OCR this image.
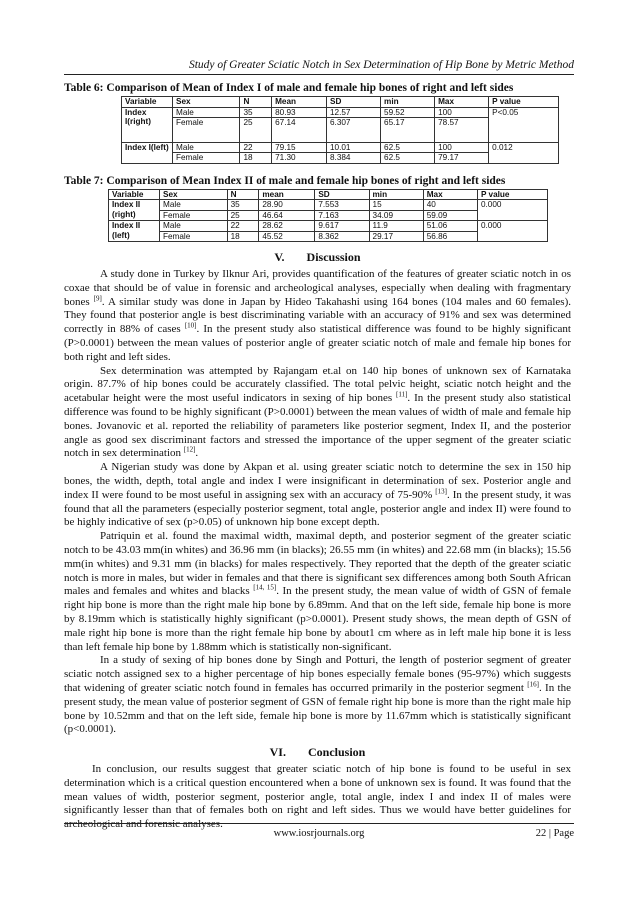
Study of Greater Sciatic Notch in Sex Determination of Hip Bone by Metric Method
Table 6: Comparison of Mean of Index I of male and female hip bones of right and left sides
Variable	Sex	N	Mean	SD	min	Max	P value
Index I(right)	Male	35	80.93	12.57	59.52	100	P<0.05
	Female	25	67.14	6.307	65.17	78.57	
Index I(left)	Male	22	79.15	10.01	62.5	100	0.012
	Female	18	71.30	8.384	62.5	79.17	
Table 7: Comparison of Mean Index II of male and female hip bones of right and left sides
Variable	Sex	N	mean	SD	min	Max	P value
Index II (right)	Male	35	28.90	7.553	15	40	0.000
	Female	25	46.64	7.163	34.09	59.09	
Index II (left)	Male	22	28.62	9.617	11.9	51.06	0.000
	Female	18	45.52	8.362	29.17	56.86	
V. Discussion

A study done in Turkey by Ilknur Ari, provides quantification of the features of greater sciatic notch in os coxae that should be of value in forensic and archeological analyses, especially when dealing with fragmentary bones [9]. A similar study was done in Japan by Hideo Takahashi using 164 bones (104 males and 60 females). They found that posterior angle is best discriminating variable with an accuracy of 91% and sex was determined correctly in 88% of cases [10]. In the present study also statistical difference was found to be highly significant (P>0.0001) between the mean values of posterior angle of greater sciatic notch of male and female hip bones for both right and left sides.

Sex determination was attempted by Rajangam et.al on 140 hip bones of unknown sex of Karnataka origin. 87.7% of hip bones could be accurately classified. The total pelvic height, sciatic notch height and the acetabular height were the most useful indicators in sexing of hip bones [11]. In the present study also statistical difference was found to be highly significant (P>0.0001) between the mean values of width of male and female hip bones. Jovanovic et al. reported the reliability of parameters like posterior segment, Index II, and the posterior angle as good sex discriminant factors and stressed the importance of the upper segment of the greater sciatic notch in sex determination [12].

A Nigerian study was done by Akpan et al. using greater sciatic notch to determine the sex in 150 hip bones, the width, depth, total angle and index I were insignificant in determination of sex. Posterior angle and index II were found to be most useful in assigning sex with an accuracy of 75-90% [13]. In the present study, it was found that all the parameters (especially posterior segment, total angle, posterior angle and index II) were found to be highly indicative of sex (p>0.05) of unknown hip bone except depth.

Patriquin et al. found the maximal width, maximal depth, and posterior segment of the greater sciatic notch to be 43.03 mm(in whites) and 36.96 mm (in blacks); 26.55 mm (in whites) and 22.68 mm (in blacks); 15.56 mm(in whites) and 9.31 mm (in blacks) for males respectively. They reported that the depth of the greater sciatic notch is more in males, but wider in females and that there is significant sex differences among both South African males and females and whites and blacks [14, 15]. In the present study, the mean value of width of GSN of female right hip bone is more than the right male hip bone by 6.89mm. And that on the left side, female hip bone is more by 8.19mm which is statistically highly significant (p>0.0001). Present study shows, the mean depth of GSN of male right hip bone is more than the right female hip bone by about1 cm where as in left male hip bone it is less than left female hip bone by 1.88mm which is statistically non-significant.

In a study of sexing of hip bones done by Singh and Potturi, the length of posterior segment of greater sciatic notch assigned sex to a higher percentage of hip bones especially female bones (95-97%) which suggests that widening of greater sciatic notch found in females has occurred primarily in the posterior segment [16]. In the present study, the mean value of posterior segment of GSN of female right hip bone is more than the right male hip bone by 10.52mm and that on the left side, female hip bone is more by 11.67mm which is statistically significant (p<0.0001).

VI. Conclusion

In conclusion, our results suggest that greater sciatic notch of hip bone is found to be useful in sex determination which is a critical question encountered when a bone of unknown sex is found. It was found that the mean values of width, posterior segment, posterior angle, total angle, index I and index II of males were significantly lesser than that of females both on right and left sides. Thus we would have better guidelines for archeological and forensic analyses.

www.iosrjournals.org	22 | Page
